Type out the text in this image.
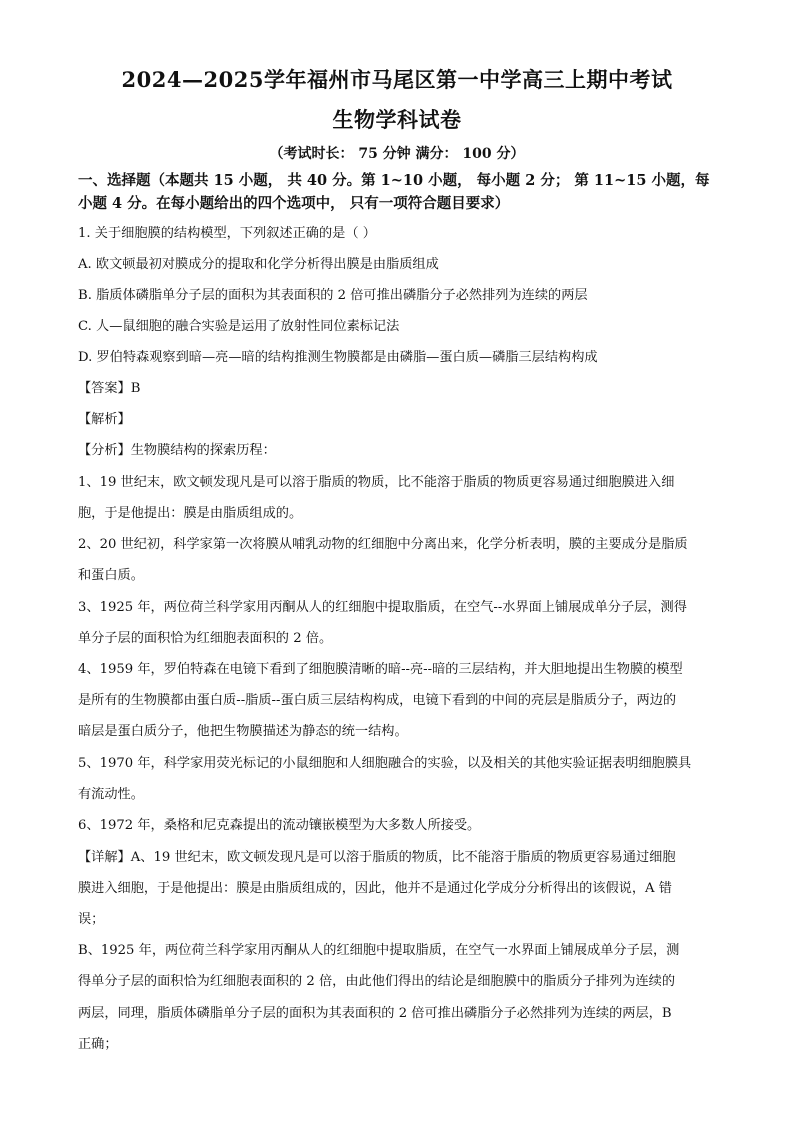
2024—2025学年福州市马尾区第一中学高三上期中考试
生物学科试卷
（考试时长： 75 分钟 满分： 100 分）
一、选择题（本题共 15 小题， 共 40 分。第 1~10 小题， 每小题 2 分； 第 11~15 小题，每
小题 4 分。在每小题给出的四个选项中， 只有一项符合题目要求）
1. 关于细胞膜的结构模型，下列叙述正确的是（ ）
A. 欧文顿最初对膜成分的提取和化学分析得出膜是由脂质组成
B. 脂质体磷脂单分子层的面积为其表面积的 2 倍可推出磷脂分子必然排列为连续的两层
C. 人—鼠细胞的融合实验是运用了放射性同位素标记法
D. 罗伯特森观察到暗—亮—暗的结构推测生物膜都是由磷脂—蛋白质—磷脂三层结构构成
【答案】B
【解析】
【分析】生物膜结构的探索历程：
1、19 世纪末，欧文顿发现凡是可以溶于脂质的物质，比不能溶于脂质的物质更容易通过细胞膜进入细
胞，于是他提出：膜是由脂质组成的。
2、20 世纪初，科学家第一次将膜从哺乳动物的红细胞中分离出来，化学分析表明，膜的主要成分是脂质
和蛋白质。
3、1925 年，两位荷兰科学家用丙酮从人的红细胞中提取脂质，在空气--水界面上铺展成单分子层，测得
单分子层的面积恰为红细胞表面积的 2 倍。
4、1959 年，罗伯特森在电镜下看到了细胞膜清晰的暗--亮--暗的三层结构，并大胆地提出生物膜的模型
是所有的生物膜都由蛋白质--脂质--蛋白质三层结构构成，电镜下看到的中间的亮层是脂质分子，两边的
暗层是蛋白质分子，他把生物膜描述为静态的统一结构。
5、1970 年，科学家用荧光标记的小鼠细胞和人细胞融合的实验，以及相关的其他实验证据表明细胞膜具
有流动性。
6、1972 年，桑格和尼克森提出的流动镶嵌模型为大多数人所接受。
【详解】A、19 世纪末，欧文顿发现凡是可以溶于脂质的物质，比不能溶于脂质的物质更容易通过细胞
膜进入细胞，于是他提出：膜是由脂质组成的，因此，他并不是通过化学成分分析得出的该假说，A 错
误；
B、1925 年，两位荷兰科学家用丙酮从人的红细胞中提取脂质，在空气一水界面上铺展成单分子层，测
得单分子层的面积恰为红细胞表面积的 2 倍，由此他们得出的结论是细胞膜中的脂质分子排列为连续的
两层，同理，脂质体磷脂单分子层的面积为其表面积的 2 倍可推出磷脂分子必然排列为连续的两层，B
正确；
